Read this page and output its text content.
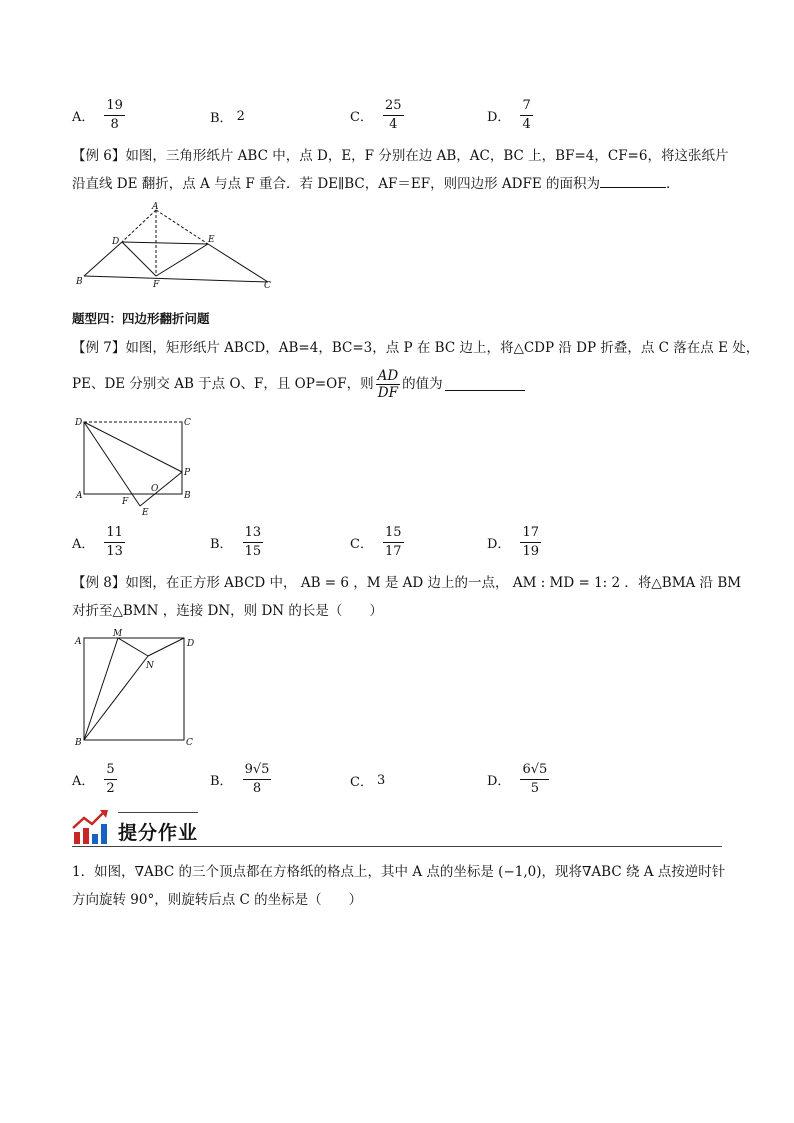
A． $\frac{19}{8}$	B． 2	C． $\frac{25}{4}$	D． $\frac{7}{4}$
【例 6】如图，三角形纸片 ABC 中，点 D，E，F 分别在边 AB，AC，BC 上，BF=4，CF=6，将这张纸片
沿直线 DE 翻折，点 A 与点 F 重合．若 DE∥BC，AF＝EF，则四边形 ADFE 的面积为	．
A
D	E
B	F	C
题型四：四边形翻折问题
【例 7】如图，矩形纸片 ABCD，AB=4，BC=3，点 P 在 BC 边上，将△CDP 沿 DP 折叠，点 C 落在点 E 处，
PE、DE 分别交 AB 于点 O、F，且 OP=OF，则 $\frac{AD}{DF}$ 的值为
D	C
P
O
A
F
B
E
A． $\frac{11}{13}$	B． $\frac{13}{15}$	C． $\frac{15}{17}$	D． $\frac{17}{19}$
【例 8】如图，在正方形 ABCD 中， AB = 6 ，M 是 AD 边上的一点， AM : MD = 1: 2 ．将△BMA 沿 BM
对折至△BMN ，连接 DN，则 DN 的长是（　　）
A
M
D
N
B	C
A． $\frac{5}{2}$	B． $\frac{9√5}{8}$	C． 3	D． $\frac{6√5}{5}$
提分作业
1．如图，∇ABC 的三个顶点都在方格纸的格点上，其中 A 点的坐标是 (−1,0)，现将∇ABC 绕 A 点按逆时针
方向旋转 90°，则旋转后点 C 的坐标是（　　）
